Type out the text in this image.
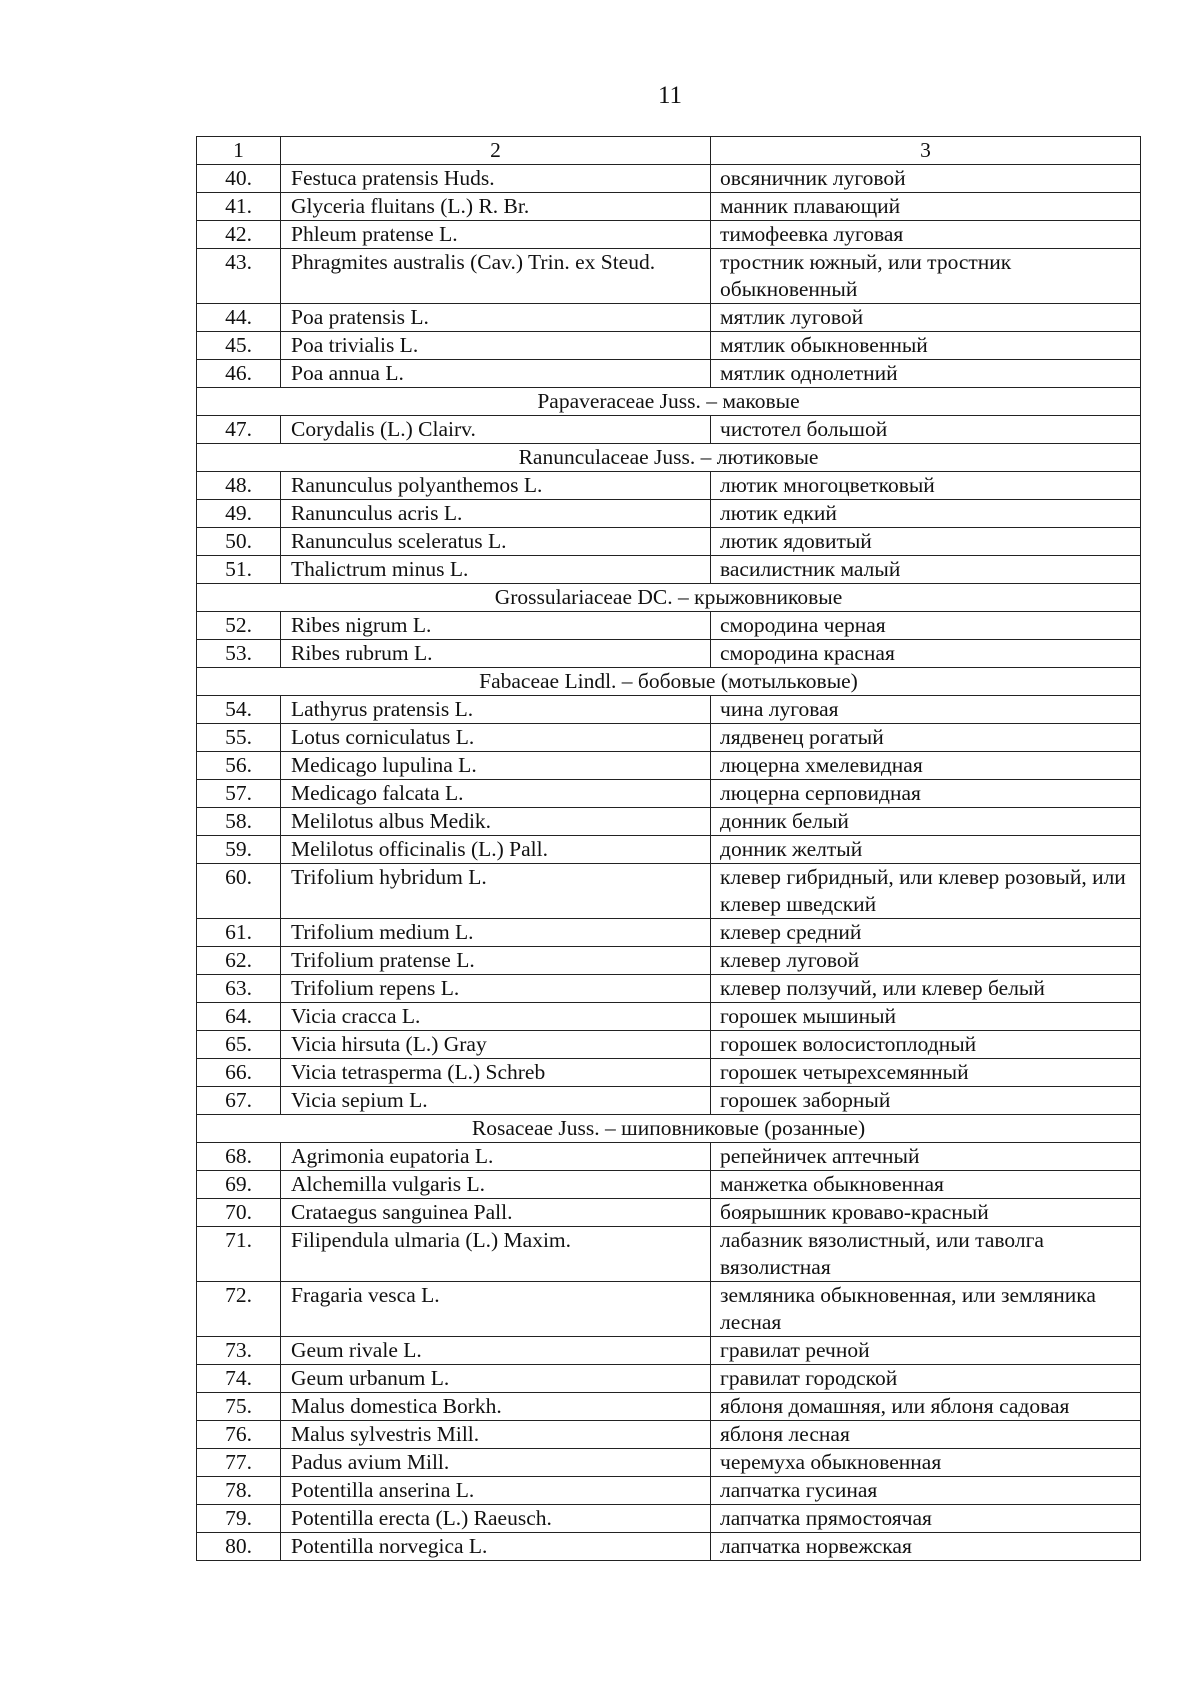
11
1	2	3
40.	Festuca pratensis Huds.	овсяничник луговой
41.	Glyceria fluitans (L.) R. Br.	манник плавающий
42.	Phleum pratense L.	тимофеевка луговая
43.	Phragmites australis (Cav.) Trin. ex Steud.	тростник южный, или тростник обыкновенный
44.	Poa pratensis L.	мятлик луговой
45.	Poa trivialis L.	мятлик обыкновенный
46.	Poa annua L.	мятлик однолетний
Papaveraceae Juss. – маковые		
47.	Corydalis (L.) Clairv.	чистотел большой
Ranunculaceae Juss. – лютиковые		
48.	Ranunculus polyanthemos L.	лютик многоцветковый
49.	Ranunculus acris L.	лютик едкий
50.	Ranunculus sceleratus L.	лютик ядовитый
51.	Thalictrum minus L.	василистник малый
Grossulariaceae DC. – крыжовниковые		
52.	Ribes nigrum L.	смородина черная
53.	Ribes rubrum L.	смородина красная
Fabaceae Lindl. – бобовые (мотыльковые)		
54.	Lathyrus pratensis L.	чина луговая
55.	Lotus corniculatus L.	лядвенец рогатый
56.	Medicago lupulina L.	люцерна хмелевидная
57.	Medicago falcata L.	люцерна серповидная
58.	Melilotus albus Medik.	донник белый
59.	Melilotus officinalis (L.) Pall.	донник желтый
60.	Trifolium hybridum L.	клевер гибридный, или клевер розовый, или клевер шведский
61.	Trifolium medium L.	клевер средний
62.	Trifolium pratense L.	клевер луговой
63.	Trifolium repens L.	клевер ползучий, или клевер белый
64.	Vicia cracca L.	горошек мышиный
65.	Vicia hirsuta (L.) Gray	горошек волосистоплодный
66.	Vicia tetrasperma (L.) Schreb	горошек четырехсемянный
67.	Vicia sepium L.	горошек заборный
Rosaceae Juss. – шиповниковые (розанные)		
68.	Agrimonia eupatoria L.	репейничек аптечный
69.	Alchemilla vulgaris L.	манжетка обыкновенная
70.	Crataegus sanguinea Pall.	боярышник кроваво-красный
71.	Filipendula ulmaria (L.) Maxim.	лабазник вязолистный, или таволга вязолистная
72.	Fragaria vesca L.	земляника обыкновенная, или земляника лесная
73.	Geum rivale L.	гравилат речной
74.	Geum urbanum L.	гравилат городской
75.	Malus domestica Borkh.	яблоня домашняя, или яблоня садовая
76.	Malus sylvestris Mill.	яблоня лесная
77.	Padus avium Mill.	черемуха обыкновенная
78.	Potentilla anserina L.	лапчатка гусиная
79.	Potentilla erecta (L.) Raeusch.	лапчатка прямостоячая
80.	Potentilla norvegica L.	лапчатка норвежская
